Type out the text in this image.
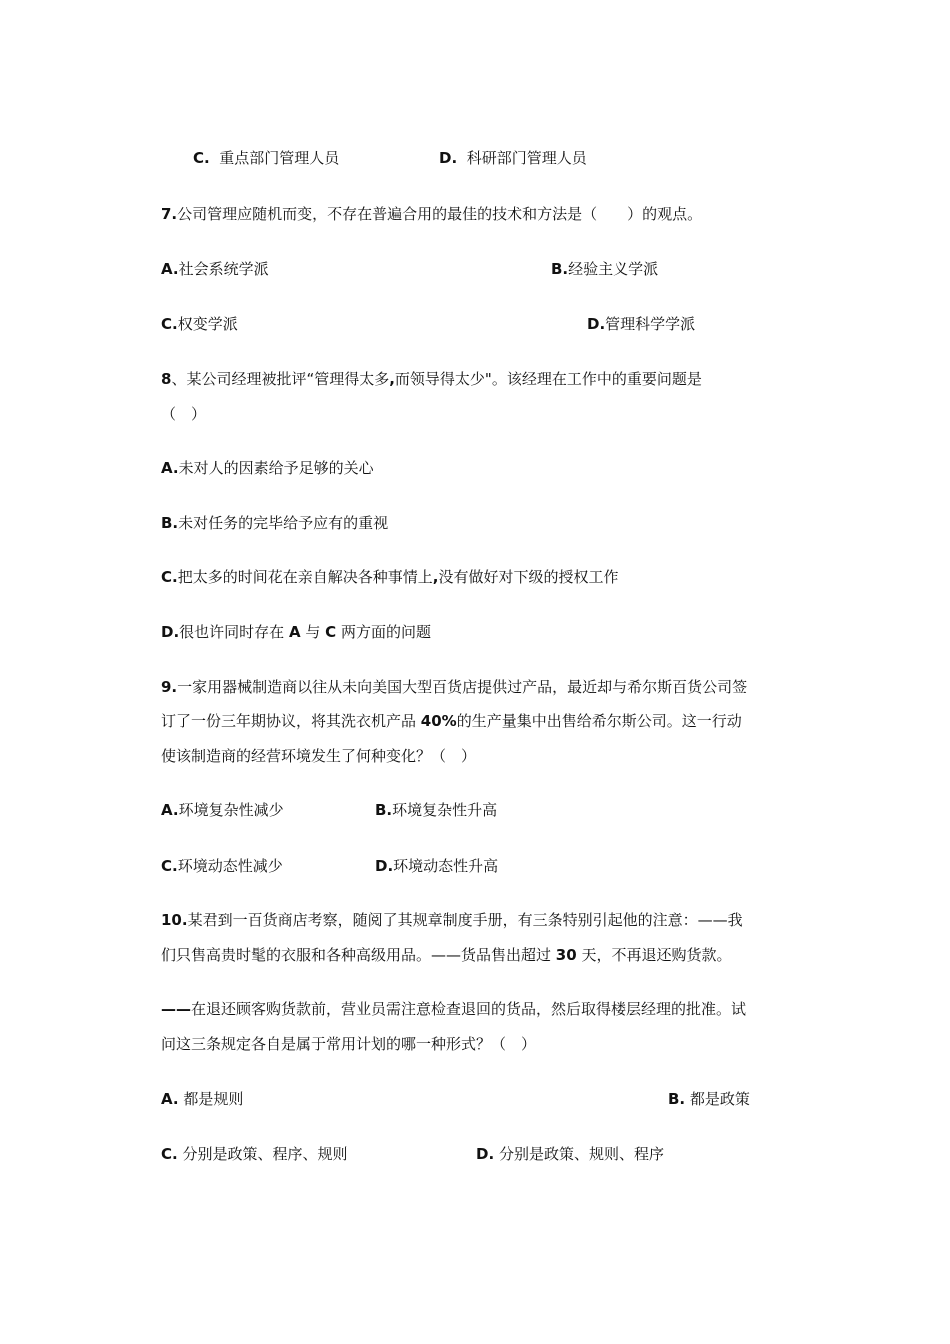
C. 重点部门管理人员	D. 科研部门管理人员
7.公司管理应随机而变，不存在普遍合用的最佳的技术和方法是（　　）的观点。
A.社会系统学派	B.经验主义学派
C.权变学派	D.管理科学学派
8、某公司经理被批评“管理得太多,而领导得太少"。该经理在工作中的重要问题是
（　）
A.未对人的因素给予足够的关心
B.未对任务的完毕给予应有的重视
C.把太多的时间花在亲自解决各种事情上,没有做好对下级的授权工作
D.很也许同时存在 A 与 C 两方面的问题
9.一家用器械制造商以往从未向美国大型百货店提供过产品，最近却与希尔斯百货公司签
订了一份三年期协议，将其洗衣机产品 40%的生产量集中出售给希尔斯公司。这一行动
使该制造商的经营环境发生了何种变化？（　）
A.环境复杂性减少	B.环境复杂性升高
C.环境动态性减少	D.环境动态性升高
10.某君到一百货商店考察，随阅了其规章制度手册，有三条特别引起他的注意：——我
们只售高贵时髦的衣服和各种高级用品。——货品售出超过 30 天，不再退还购货款。
——在退还顾客购货款前，营业员需注意检查退回的货品，然后取得楼层经理的批准。试
问这三条规定各自是属于常用计划的哪一种形式？（　）
A. 都是规则	B. 都是政策
C. 分别是政策、程序、规则	D. 分别是政策、规则、程序
